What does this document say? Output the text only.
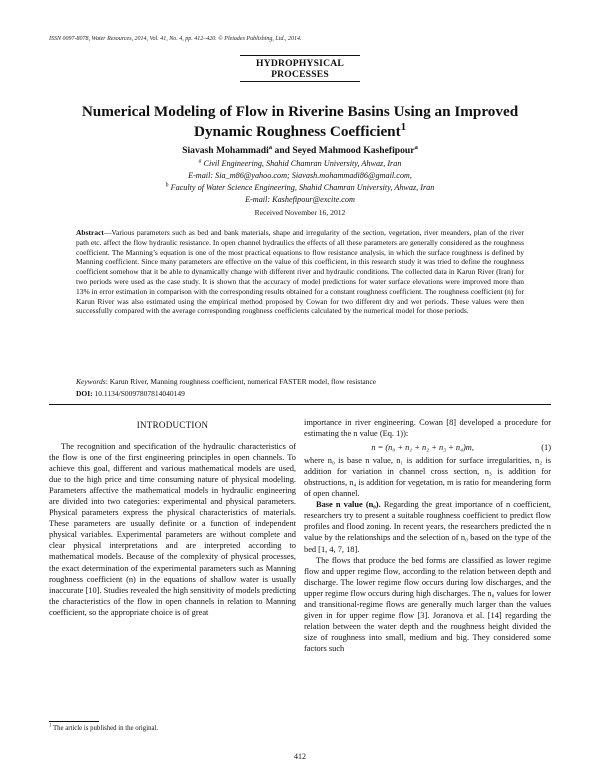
ISSN 0097-8078, Water Resources, 2014, Vol. 41, No. 4, pp. 412–420. © Pleiades Publishing, Ltd., 2014.
HYDROPHYSICAL
PROCESSES
Numerical Modeling of Flow in Riverine Basins Using an Improved
Dynamic Roughness Coefficient$^1$
Siavash Mohammadi$^a$ and Seyed Mahmood Kashefipour$^a$
$^a$ Civil Engineering, Shahid Chamran University, Ahwaz, Iran
E-mail: Sia_m86@yahoo.com; Siavash.mohammadi86@gmail.com,
$^b$ Faculty of Water Science Engineering, Shahid Chamran University, Ahwaz, Iran
E-mail: Kashefipour@excite.com
Received November 16, 2012
Abstract—Various parameters such as bed and bank materials, shape and irregularity of the section, vegetation, river meanders, plan of the river path etc. affect the flow hydraulic resistance. In open channel hydraulics the effects of all these parameters are generally considered as the roughness coefficient. The Manning’s equation is one of the most practical equations to flow resistance analysis, in which the surface roughness is defined by Manning coefficient. Since many parameters are effective on the value of this coefficient, in this research study it was tried to define the roughness coefficient somehow that it be able to dynamically change with different river and hydraulic conditions. The collected data in Karun River (Iran) for two periods were used as the case study. It is shown that the accuracy of model predictions for water surface elevations were improved more than 13% in error estimation in comparison with the corresponding results obtained for a constant roughness coefficient. The roughness coefficient (n) for Karun River was also estimated using the empirical method proposed by Cowan for two different dry and wet periods. These values were then successfully compared with the average corresponding roughness coefficients calculated by the numerical model for those periods.
Keywords: Karun River, Manning roughness coefficient, numerical FASTER model, flow resistance
DOI: 10.1134/S0097807814040149
INTRODUCTION

The recognition and specification of the hydraulic characteristics of the flow is one of the first engineering principles in open channels. To achieve this goal, different and various mathematical models are used, due to the high price and time consuming nature of physical modeling. Parameters affective the mathematical models in hydraulic engineering are divided into two categories: experimental and physical parameters. Physical parameters express the physical characteristics of materials. These parameters are usually definite or a function of independent physical variables. Experimental parameters are without complete and clear physical interpretations and are interpreted according to mathematical models. Because of the complexity of physical processes, the exact determination of the experimental parameters such as Manning roughness coefficient (n) in the equations of shallow water is usually inaccurate [10]. Studies revealed the high sensitivity of models predicting the characteristics of the flow in open channels in relation to Manning coefficient, so the appropriate choice is of great

importance in river engineering. Cowan [8] developed a procedure for estimating the n value (Eq. 1)):

n = (n₀ + n₁ + n₂ + n₃ + n₄)m,	(1)

where n₀ is base n value, n₁ is addition for surface irregularities, n₂ is addition for variation in channel cross section, n₃ is addition for obstructions, n₄ is addition for vegetation, m is ratio for meandering form of open channel.

Base n value (n₀). Regarding the great importance of n coefficient, researchers try to present a suitable roughness coefficient to predict flow profiles and flood zoning. In recent years, the researchers predicted the n value by the relationships and the selection of n₀ based on the type of the bed [1, 4, 7, 18].

The flows that produce the bed forms are classified as lower regime flow and upper regime flow, according to the relation between depth and discharge. The lower regime flow occurs during low discharges, and the upper regime flow occurs during high discharges. The n₀ values for lower and transitional-regime flows are generally much larger than the values given in for upper regime flow [3]. Joranova et al. [14] regarding the relation between the water depth and the roughness height divided the size of roughness into small, medium and big. They considered some factors such

$^1$ The article is published in the original.
412
